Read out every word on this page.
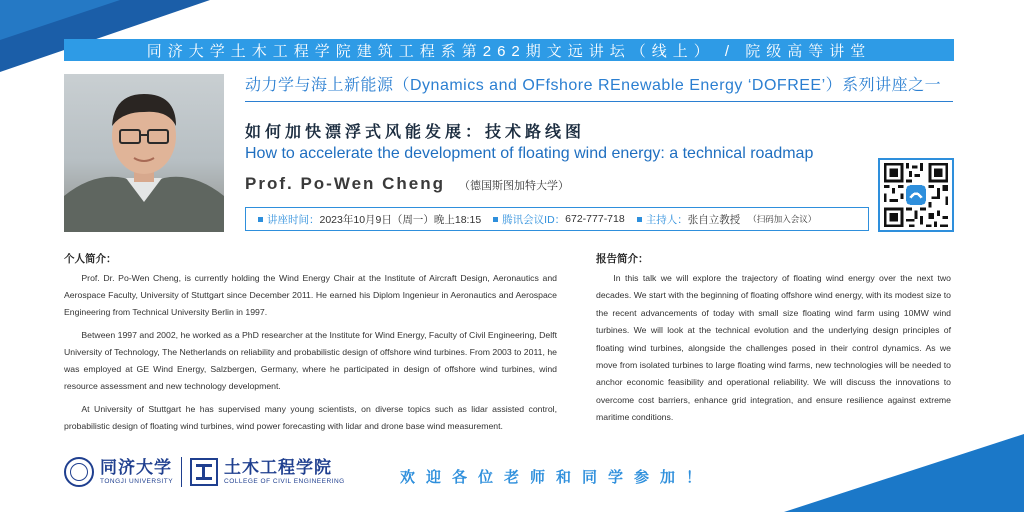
同济大学土木工程学院建筑工程系第262期文远讲坛（线上） / 院级高等讲堂
动力学与海上新能源（Dynamics and OFfshore REnewable Energy ‘DOFREE’）系列讲座之一
如何加快漂浮式风能发展：技术路线图
How to accelerate the development of floating wind energy: a technical roadmap
Prof. Po-Wen Cheng （德国斯图加特大学）
讲座时间： 2023年10月9日（周一）晚上18:15 腾讯会议ID： 672-777-718 主持人： 张自立教授 （扫码加入会议）
个人简介：

Prof. Dr. Po-Wen Cheng, is currently holding the Wind Energy Chair at the Institute of Aircraft Design, Aeronautics and Aerospace Faculty, University of Stuttgart since December 2011. He earned his Diplom Ingenieur in Aeronautics and Aerospace Engineering from Technical University Berlin in 1997.

Between 1997 and 2002, he worked as a PhD researcher at the Institute for Wind Energy, Faculty of Civil Engineering, Delft University of Technology, The Netherlands on reliability and probabilistic design of offshore wind turbines. From 2003 to 2011, he was employed at GE Wind Energy, Salzbergen, Germany, where he participated in design of offshore wind turbines, wind resource assessment and new technology development.

At University of Stuttgart he has supervised many young scientists, on diverse topics such as lidar assisted control, probabilistic design of floating wind turbines, wind power forecasting with lidar and drone base wind measurement.

报告简介：

In this talk we will explore the trajectory of floating wind energy over the next two decades. We start with the beginning of floating offshore wind energy, with its modest size to the recent advancements of today with small size floating wind farm using 10MW wind turbines. We will look at the technical evolution and the underlying design principles of floating wind turbines, alongside the challenges posed in their control dynamics. As we move from isolated turbines to large floating wind farms, new technologies will be needed to anchor economic feasibility and operational reliability. We will discuss the innovations to overcome cost barriers, enhance grid integration, and ensure resilience against extreme maritime conditions.

同济大学
TONGJI UNIVERSITY
土木工程学院
COLLEGE OF CIVIL ENGINEERING	欢迎各位老师和同学参加！
